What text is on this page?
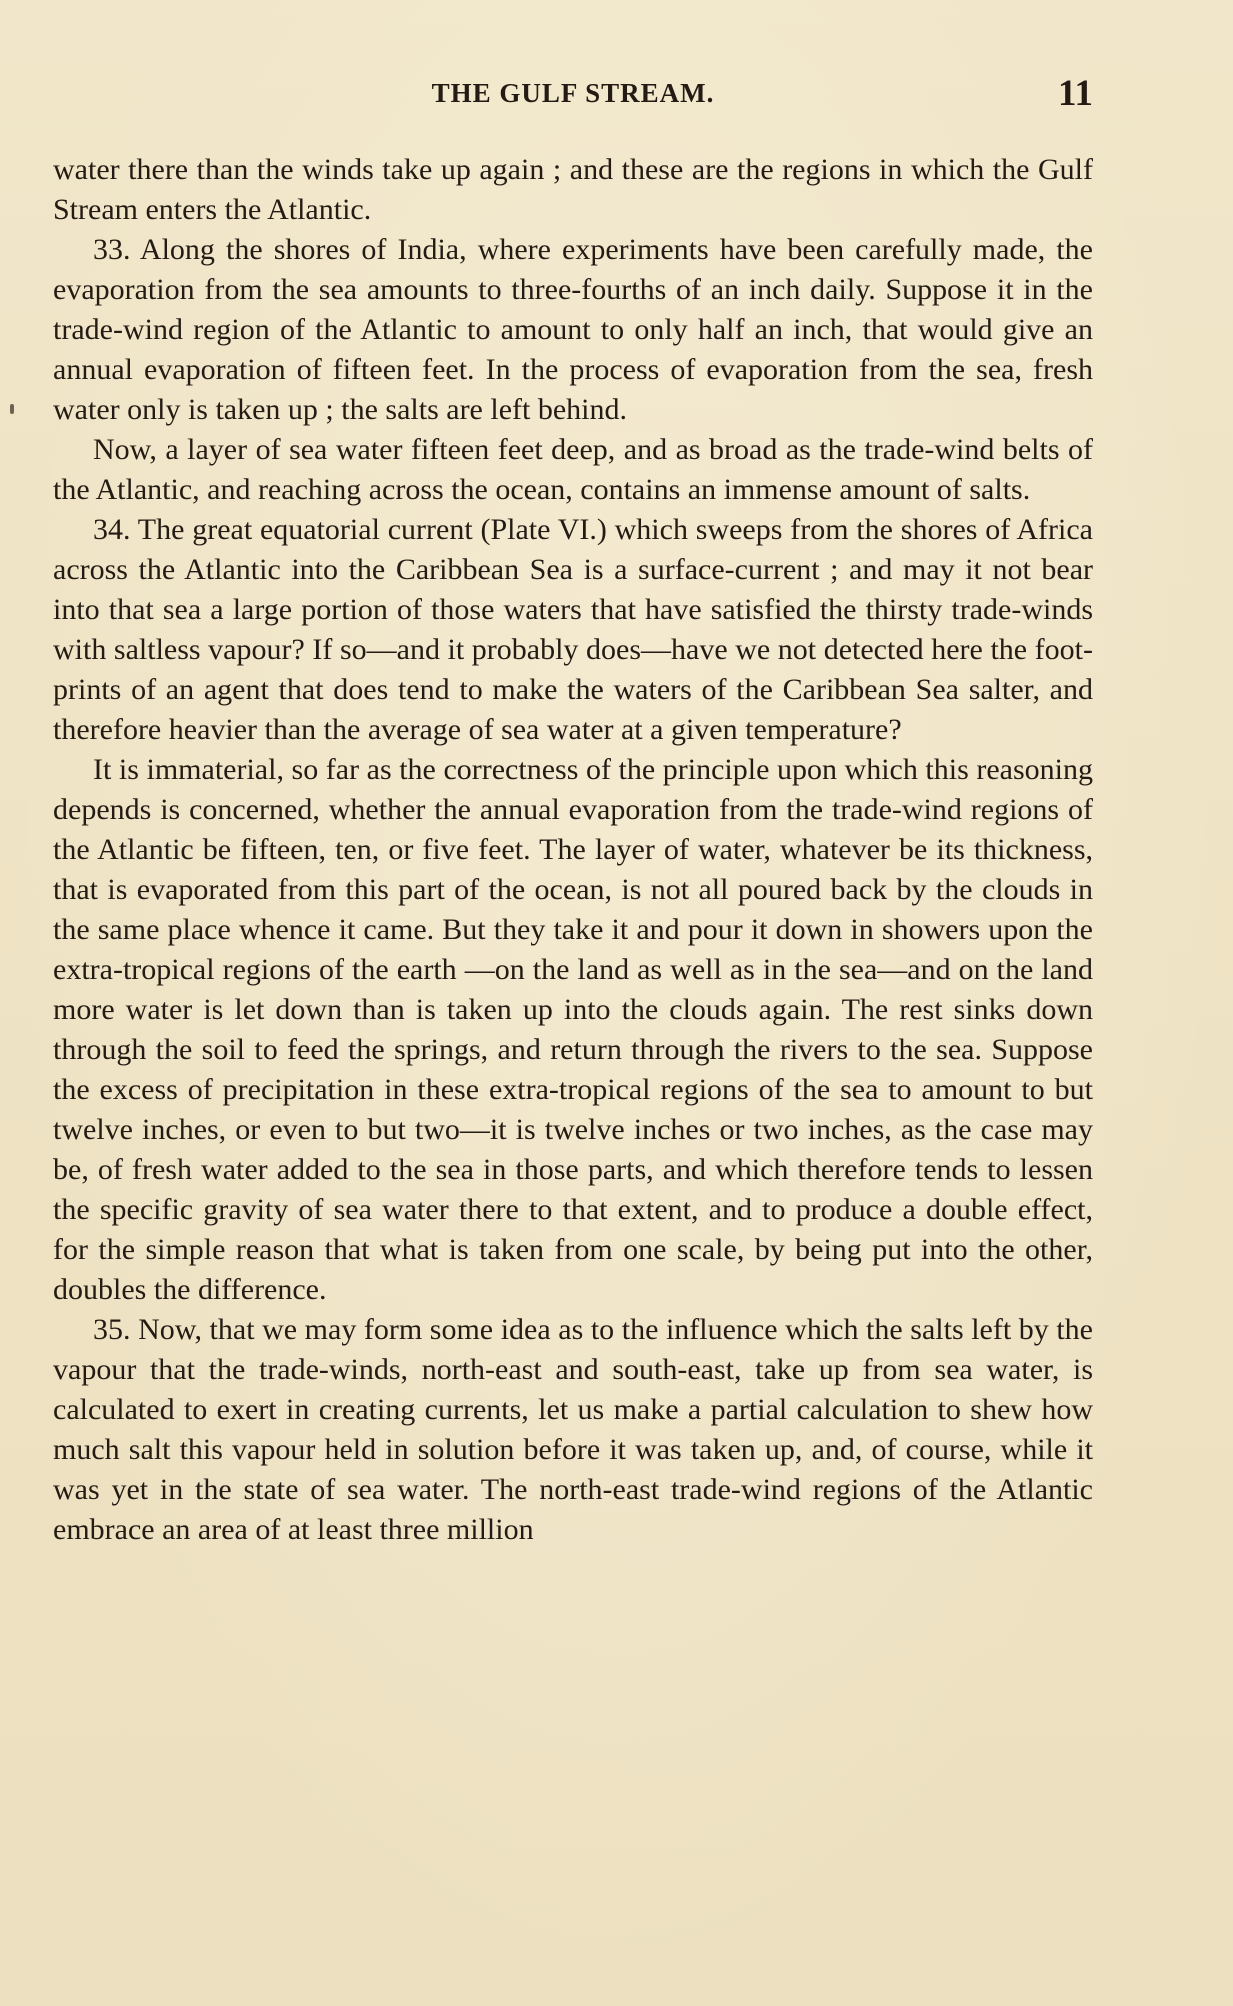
THE GULF STREAM.	11

water there than the winds take up again ; and these are the regions in which the Gulf Stream enters the Atlantic.

33. Along the shores of India, where experiments have been carefully made, the evaporation from the sea amounts to three-fourths of an inch daily. Suppose it in the trade-wind region of the Atlantic to amount to only half an inch, that would give an annual evaporation of fifteen feet. In the process of evaporation from the sea, fresh water only is taken up ; the salts are left behind.

Now, a layer of sea water fifteen feet deep, and as broad as the trade-wind belts of the Atlantic, and reaching across the ocean, contains an immense amount of salts.

34. The great equatorial current (Plate VI.) which sweeps from the shores of Africa across the Atlantic into the Caribbean Sea is a surface-current ; and may it not bear into that sea a large portion of those waters that have satisfied the thirsty trade-winds with saltless vapour? If so—and it probably does—have we not detected here the foot-prints of an agent that does tend to make the waters of the Caribbean Sea salter, and therefore heavier than the average of sea water at a given temperature?

It is immaterial, so far as the correctness of the principle upon which this reasoning depends is concerned, whether the annual evaporation from the trade-wind regions of the Atlantic be fifteen, ten, or five feet. The layer of water, whatever be its thickness, that is evaporated from this part of the ocean, is not all poured back by the clouds in the same place whence it came. But they take it and pour it down in showers upon the extra-tropical regions of the earth —on the land as well as in the sea—and on the land more water is let down than is taken up into the clouds again. The rest sinks down through the soil to feed the springs, and return through the rivers to the sea. Suppose the excess of precipitation in these extra-tropical regions of the sea to amount to but twelve inches, or even to but two—it is twelve inches or two inches, as the case may be, of fresh water added to the sea in those parts, and which therefore tends to lessen the specific gravity of sea water there to that extent, and to produce a double effect, for the simple reason that what is taken from one scale, by being put into the other, doubles the difference.

35. Now, that we may form some idea as to the influence which the salts left by the vapour that the trade-winds, north-east and south-east, take up from sea water, is calculated to exert in creating currents, let us make a partial calculation to shew how much salt this vapour held in solution before it was taken up, and, of course, while it was yet in the state of sea water. The north-east trade-wind regions of the Atlantic embrace an area of at least three million
